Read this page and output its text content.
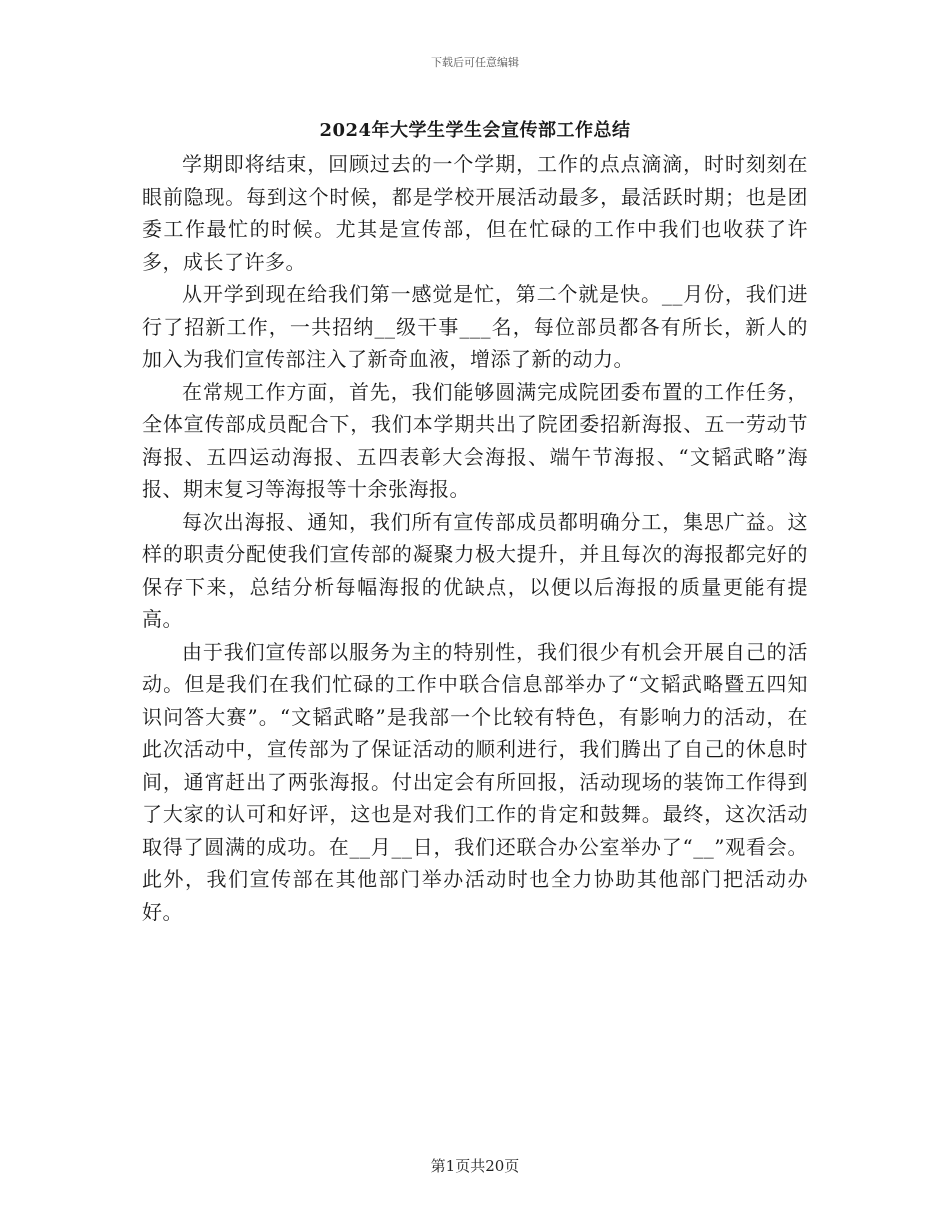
下载后可任意编辑
2024年大学生学生会宣传部工作总结

学期即将结束，回顾过去的一个学期，工作的点点滴滴，时时刻刻在眼前隐现。每到这个时候，都是学校开展活动最多，最活跃时期；也是团委工作最忙的时候。尤其是宣传部，但在忙碌的工作中我们也收获了许多，成长了许多。

从开学到现在给我们第一感觉是忙，第二个就是快。__月份，我们进行了招新工作，一共招纳__级干事___名，每位部员都各有所长，新人的加入为我们宣传部注入了新奇血液，增添了新的动力。

在常规工作方面，首先，我们能够圆满完成院团委布置的工作任务，全体宣传部成员配合下，我们本学期共出了院团委招新海报、五一劳动节海报、五四运动海报、五四表彰大会海报、端午节海报、“文韬武略”海报、期末复习等海报等十余张海报。

每次出海报、通知，我们所有宣传部成员都明确分工，集思广益。这样的职责分配使我们宣传部的凝聚力极大提升，并且每次的海报都完好的保存下来，总结分析每幅海报的优缺点，以便以后海报的质量更能有提高。

由于我们宣传部以服务为主的特别性，我们很少有机会开展自己的活动。但是我们在我们忙碌的工作中联合信息部举办了“文韬武略暨五四知识问答大赛”。“文韬武略”是我部一个比较有特色，有影响力的活动，在此次活动中，宣传部为了保证活动的顺利进行，我们腾出了自己的休息时间，通宵赶出了两张海报。付出定会有所回报，活动现场的装饰工作得到了大家的认可和好评，这也是对我们工作的肯定和鼓舞。最终，这次活动取得了圆满的成功。在__月__日，我们还联合办公室举办了“__”观看会。此外，我们宣传部在其他部门举办活动时也全力协助其他部门把活动办好。

第1页共20页
